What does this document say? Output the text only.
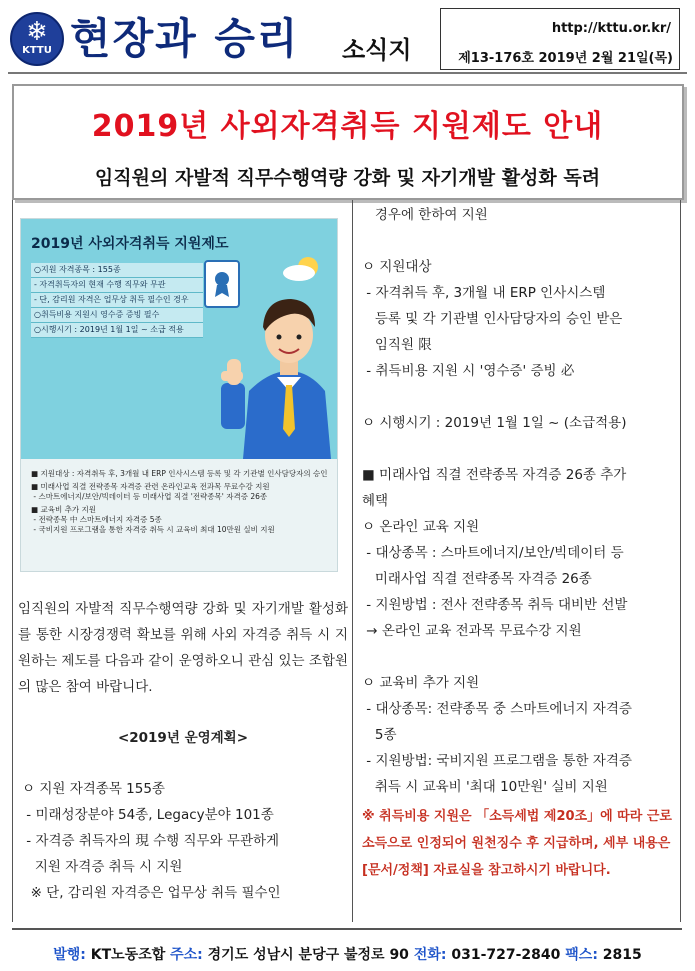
❄
KTTU 현장과 승리 소식지
http://kttu.or.kr/
제13-176호 2019년 2월 21일(목)
2019년 사외자격취득 지원제도 안내
임직원의 자발적 직무수행역량 강화 및 자기개발 활성화 독려
2019년 사외자격취득 지원제도
○지원 자격종목 : 155종
- 자격취득자의 현재 수행 직무와 무관
- 단, 감리원 자격은 업무상 취득 필수인 경우
○취득비용 지원시 영수증 증빙 필수
○시행시기 : 2019년 1월 1일 ~ 소급 적용
■ 지원대상 : 자격취득 후, 3개월 내 ERP 인사시스템 등록 및 각 기관별 인사담당자의 승인
■ 미래사업 직결 전략종목 자격증 관련 온라인교육 전과목 무료수강 지원
- 스마트에너지/보안/빅데이터 등 미래사업 직결 '전략종목' 자격증 26종
■ 교육비 추가 지원
- 전략종목 中 스마트에너지 자격증 5종
- 국비지원 프로그램을 통한 자격증 취득 시 교육비 최대 10만원 실비 지원
임직원의 자발적 직무수행역량 강화 및 자기개발 활성화를 통한 시장경쟁력 확보를 위해 사외 자격증 취득 시 지원하는 제도를 다음과 같이 운영하오니 관심 있는 조합원의 많은 참여 바랍니다.
<2019년 운영계획>
ㅇ 지원 자격종목 155종
- 미래성장분야 54종, Legacy분야 101종
- 자격증 취득자의 現 수행 직무와 무관하게
지원 자격증 취득 시 지원
※ 단, 감리원 자격증은 업무상 취득 필수인
경우에 한하여 지원

ㅇ 지원대상
- 자격취득 후, 3개월 내 ERP 인사시스템
등록 및 각 기관별 인사담당자의 승인 받은
임직원 限
- 취득비용 지원 시 '영수증' 증빙 必

ㅇ 시행시기 : 2019년 1월 1일 ~ (소급적용)

■ 미래사업 직결 전략종목 자격증 26종 추가
혜택
ㅇ 온라인 교육 지원
- 대상종목 : 스마트에너지/보안/빅데이터 등
미래사업 직결 전략종목 자격증 26종
- 지원방법 : 전사 전략종목 취득 대비반 선발
→ 온라인 교육 전과목 무료수강 지원

ㅇ 교육비 추가 지원
- 대상종목: 전략종목 중 스마트에너지 자격증
5종
- 지원방법: 국비지원 프로그램을 통한 자격증
취득 시 교육비 '최대 10만원' 실비 지원
※ 취득비용 지원은 「소득세법 제20조」에 따라 근로소득으로 인정되어 원천징수 후 지급하며, 세부 내용은 [문서/정책] 자료실을 참고하시기 바랍니다.
발행: KT노동조합 주소: 경기도 성남시 분당구 불정로 90 전화: 031-727-2840 팩스: 2815
